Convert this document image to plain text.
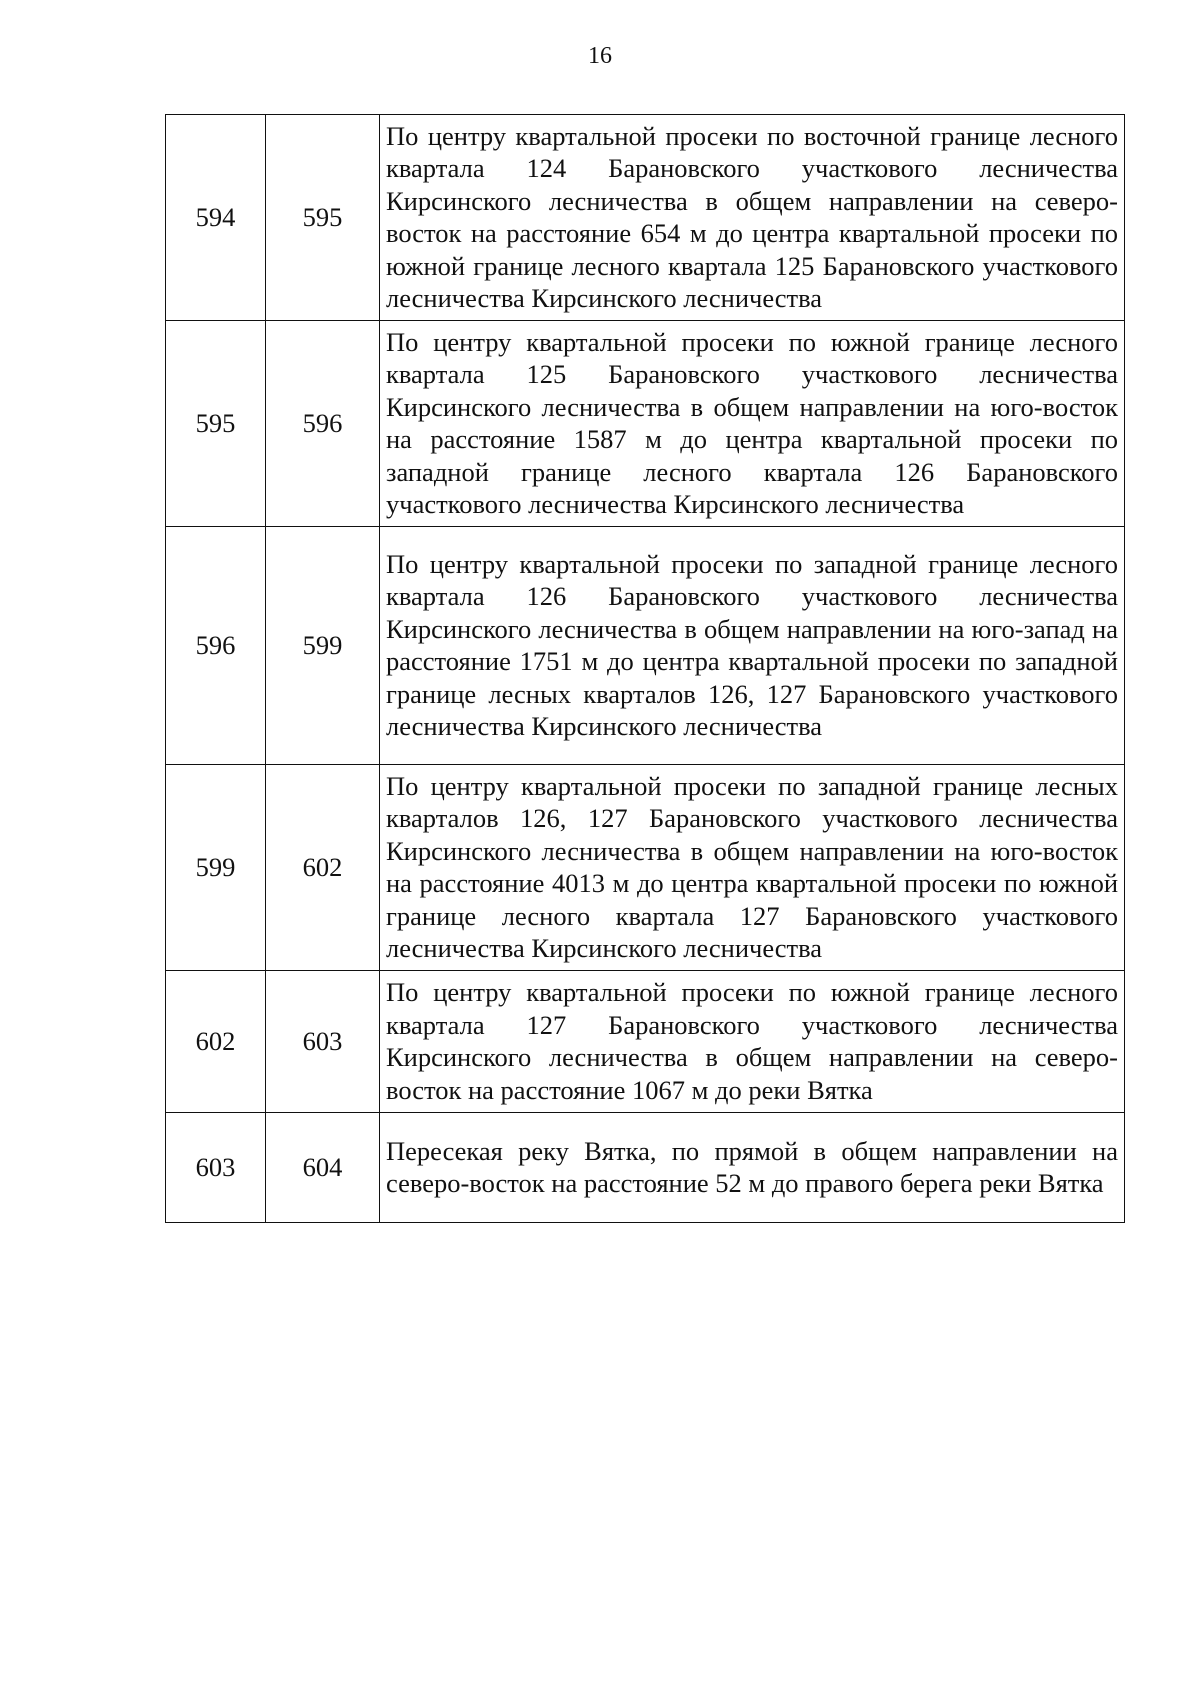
16
594	595	По центру квартальной просеки по восточной границе лесного квартала 124 Барановского участкового лесничества Кирсинского лесничества в общем направлении на северо-восток на расстояние 654 м до центра квартальной просеки по южной границе лесного квартала 125 Барановского участкового лесничества Кирсинского лесничества
595	596	По центру квартальной просеки по южной границе лесного квартала 125 Барановского участкового лесничества Кирсинского лесничества в общем направлении на юго-восток на расстояние 1587 м до центра квартальной просеки по западной границе лесного квартала 126 Барановского участкового лесничества Кирсинского лесничества
596	599	По центру квартальной просеки по западной границе лесного квартала 126 Барановского участкового лесничества Кирсинского лесничества в общем направлении на юго-запад на расстояние 1751 м до центра квартальной просеки по западной границе лесных кварталов 126, 127 Барановского участкового лесничества Кирсинского лесничества
599	602	По центру квартальной просеки по западной границе лесных кварталов 126, 127 Барановского участкового лесничества Кирсинского лесничества в общем направлении на юго-восток на расстояние 4013 м до центра квартальной просеки по южной границе лесного квартала 127 Барановского участкового лесничества Кирсинского лесничества
602	603	По центру квартальной просеки по южной границе лесного квартала 127 Барановского участкового лесничества Кирсинского лесничества в общем направлении на северо-восток на расстояние 1067 м до реки Вятка
603	604	Пересекая реку Вятка, по прямой в общем направлении на северо-восток на расстояние 52 м до правого берега реки Вятка
